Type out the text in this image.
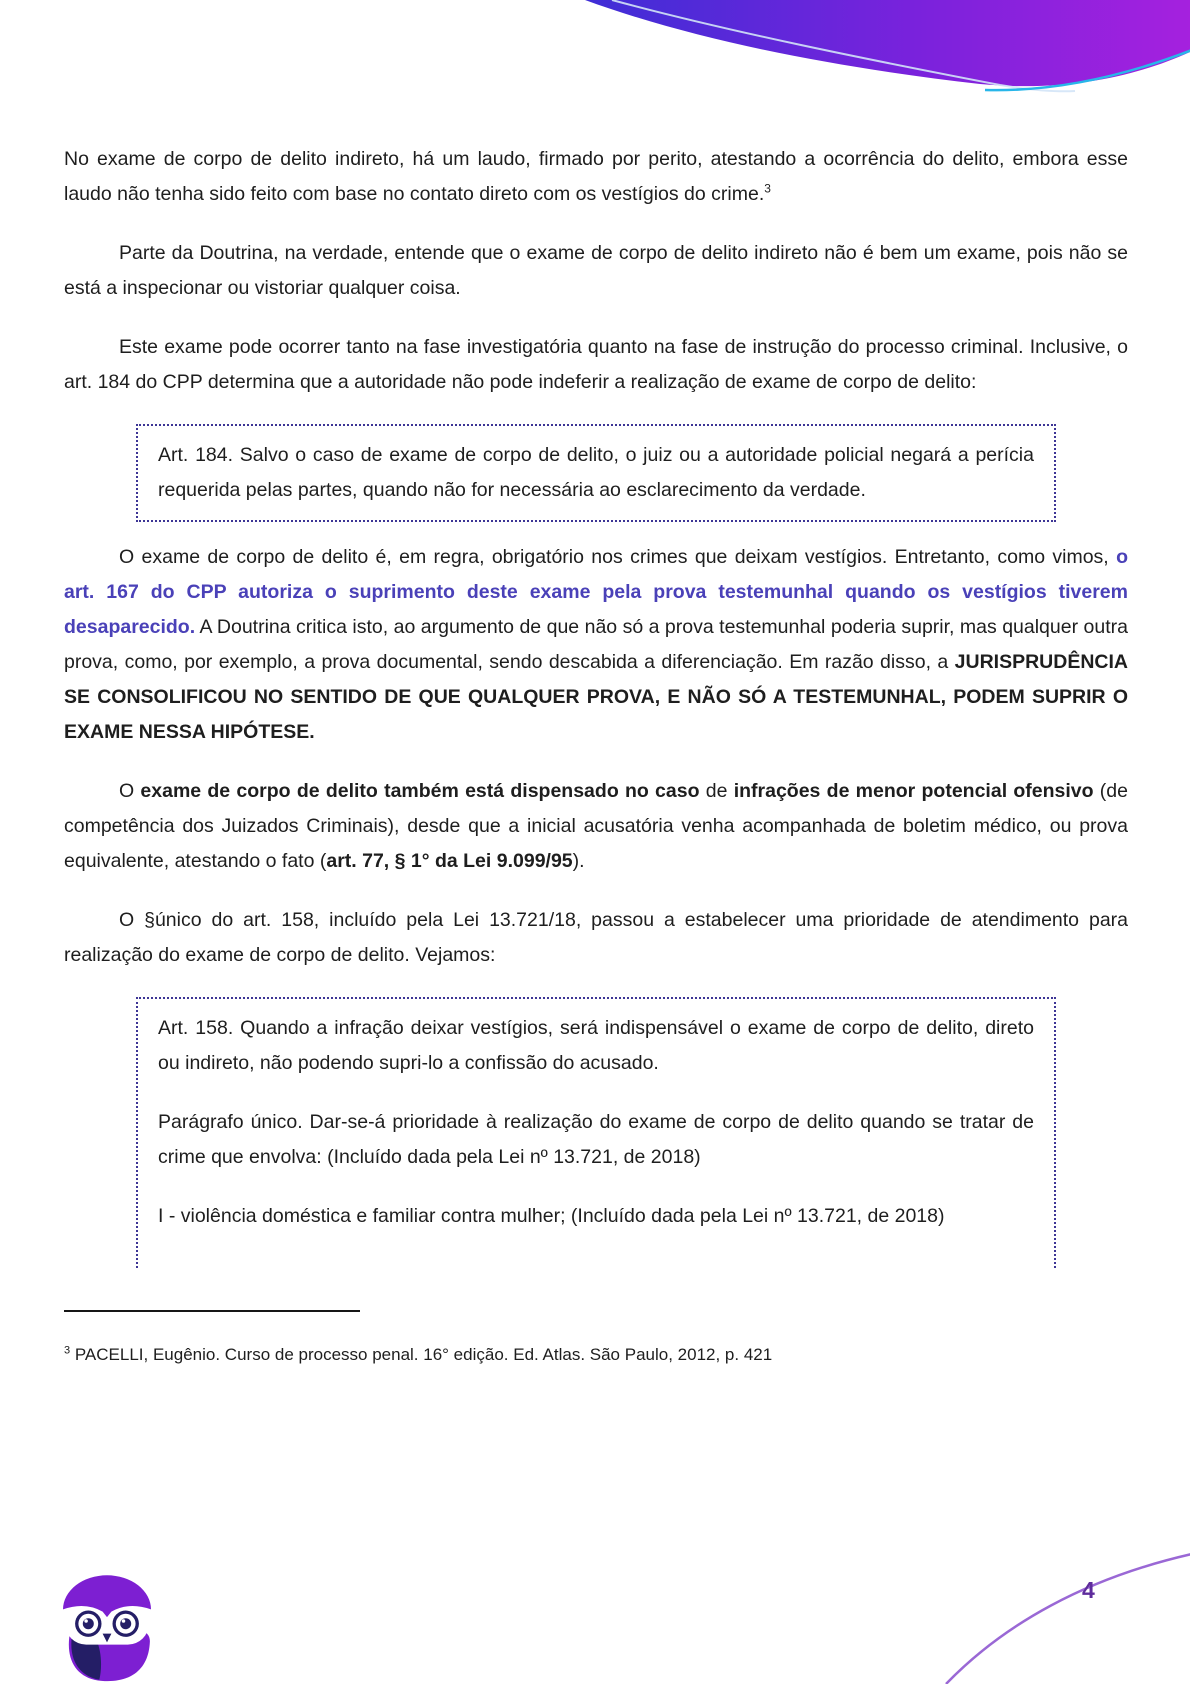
No exame de corpo de delito indireto, há um laudo, firmado por perito, atestando a ocorrência do delito, embora esse laudo não tenha sido feito com base no contato direto com os vestígios do crime.$^3$

Parte da Doutrina, na verdade, entende que o exame de corpo de delito indireto não é bem um exame, pois não se está a inspecionar ou vistoriar qualquer coisa.

Este exame pode ocorrer tanto na fase investigatória quanto na fase de instrução do processo criminal. Inclusive, o art. 184 do CPP determina que a autoridade não pode indeferir a realização de exame de corpo de delito:

Art. 184. Salvo o caso de exame de corpo de delito, o juiz ou a autoridade policial negará a perícia requerida pelas partes, quando não for necessária ao esclarecimento da verdade.

O exame de corpo de delito é, em regra, obrigatório nos crimes que deixam vestígios. Entretanto, como vimos, o art. 167 do CPP autoriza o suprimento deste exame pela prova testemunhal quando os vestígios tiverem desaparecido. A Doutrina critica isto, ao argumento de que não só a prova testemunhal poderia suprir, mas qualquer outra prova, como, por exemplo, a prova documental, sendo descabida a diferenciação. Em razão disso, a JURISPRUDÊNCIA SE CONSOLIFICOU NO SENTIDO DE QUE QUALQUER PROVA, E NÃO SÓ A TESTEMUNHAL, PODEM SUPRIR O EXAME NESSA HIPÓTESE.

O exame de corpo de delito também está dispensado no caso de infrações de menor potencial ofensivo (de competência dos Juizados Criminais), desde que a inicial acusatória venha acompanhada de boletim médico, ou prova equivalente, atestando o fato (art. 77, § 1° da Lei 9.099/95).

O §único do art. 158, incluído pela Lei 13.721/18, passou a estabelecer uma prioridade de atendimento para realização do exame de corpo de delito. Vejamos:

Art. 158. Quando a infração deixar vestígios, será indispensável o exame de corpo de delito, direto ou indireto, não podendo supri-lo a confissão do acusado.

Parágrafo único. Dar-se-á prioridade à realização do exame de corpo de delito quando se tratar de crime que envolva: (Incluído dada pela Lei nº 13.721, de 2018)

I - violência doméstica e familiar contra mulher; (Incluído dada pela Lei nº 13.721, de 2018)

$^3$ PACELLI, Eugênio. Curso de processo penal. 16° edição. Ed. Atlas. São Paulo, 2012, p. 421

4
